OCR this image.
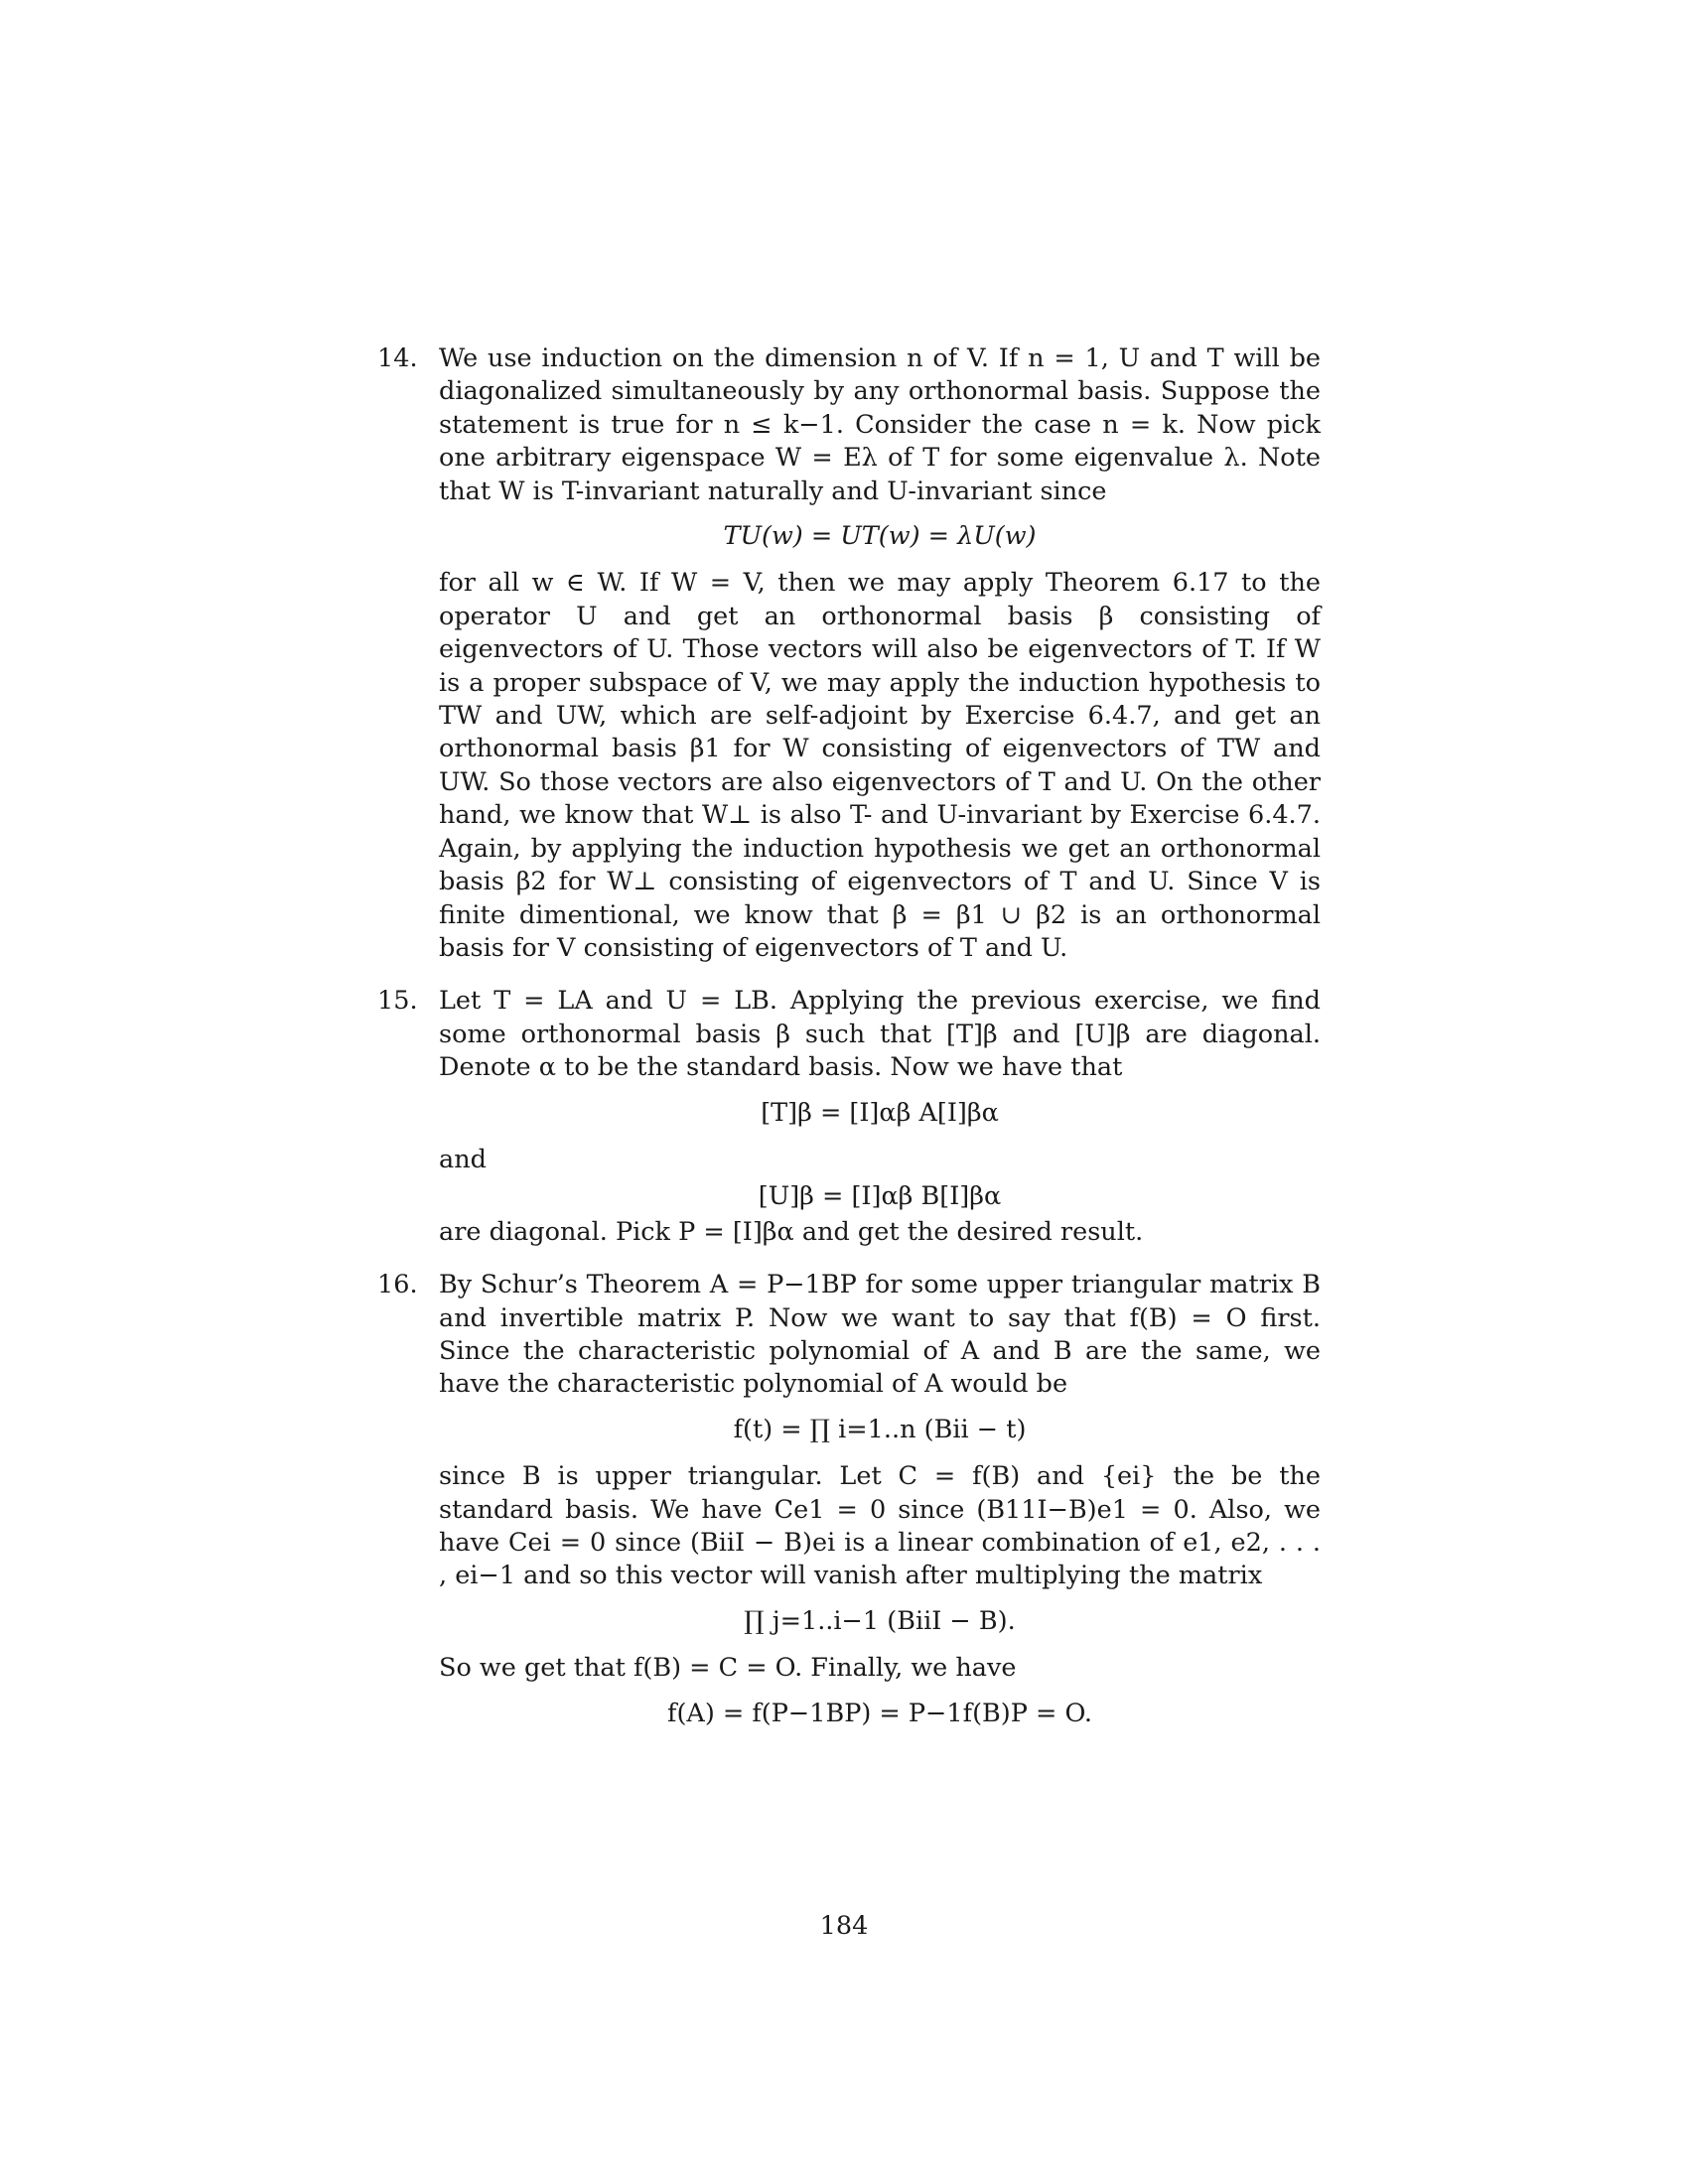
14. We use induction on the dimension n of V. If n = 1, U and T will be diagonalized simultaneously by any orthonormal basis. Suppose the statement is true for n ≤ k−1. Consider the case n = k. Now pick one arbitrary eigenspace W = Eλ of T for some eigenvalue λ. Note that W is T-invariant naturally and U-invariant since

TU(w) = UT(w) = λU(w)

for all w ∈ W. If W = V, then we may apply Theorem 6.17 to the operator U and get an orthonormal basis β consisting of eigenvectors of U. Those vectors will also be eigenvectors of T. If W is a proper subspace of V, we may apply the induction hypothesis to TW and UW, which are self-adjoint by Exercise 6.4.7, and get an orthonormal basis β1 for W consisting of eigenvectors of TW and UW. So those vectors are also eigenvectors of T and U. On the other hand, we know that W⊥ is also T- and U-invariant by Exercise 6.4.7. Again, by applying the induction hypothesis we get an orthonormal basis β2 for W⊥ consisting of eigenvectors of T and U. Since V is finite dimentional, we know that β = β1 ∪ β2 is an orthonormal basis for V consisting of eigenvectors of T and U.

15. Let T = LA and U = LB. Applying the previous exercise, we find some orthonormal basis β such that [T]β and [U]β are diagonal. Denote α to be the standard basis. Now we have that

[T]β = [I]αβ A[I]βα

and

[U]β = [I]αβ B[I]βα

are diagonal. Pick P = [I]βα and get the desired result.

16. By Schur’s Theorem A = P−1BP for some upper triangular matrix B and invertible matrix P. Now we want to say that f(B) = O first. Since the characteristic polynomial of A and B are the same, we have the characteristic polynomial of A would be

f(t) = ∏ i=1..n (Bii − t)

since B is upper triangular. Let C = f(B) and {ei} the be the standard basis. We have Ce1 = 0 since (B11I−B)e1 = 0. Also, we have Cei = 0 since (BiiI − B)ei is a linear combination of e1, e2, . . . , ei−1 and so this vector will vanish after multiplying the matrix

∏ j=1..i−1 (BiiI − B).

So we get that f(B) = C = O. Finally, we have

f(A) = f(P−1BP) = P−1f(B)P = O.
184
